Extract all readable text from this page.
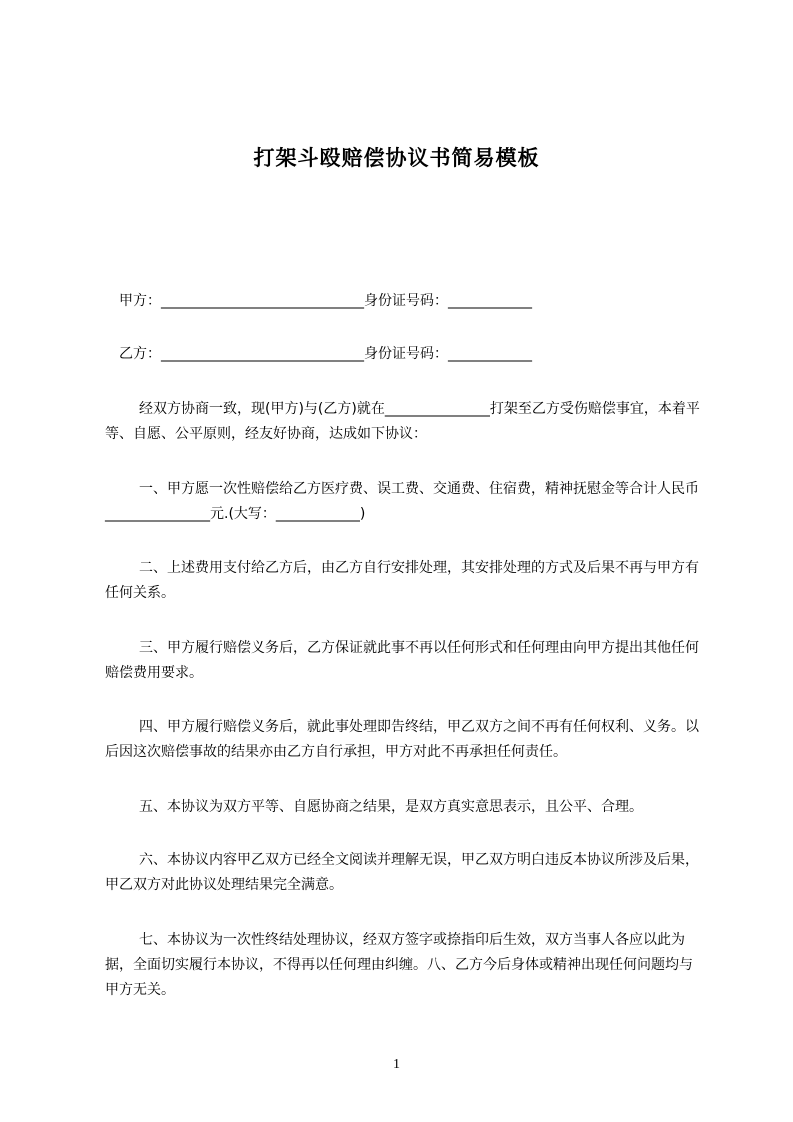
打架斗殴赔偿协议书简易模板
　甲方：_____________________________身份证号码：____________
　乙方：_____________________________身份证号码：____________
经双方协商一致，现(甲方)与(乙方)就在_______________打架至乙方受伤赔偿事宜，本着平等、自愿、公平原则，经友好协商，达成如下协议：
一、甲方愿一次性赔偿给乙方医疗费、误工费、交通费、住宿费，精神抚慰金等合计人民币_______________元.(大写：____________)
二、上述费用支付给乙方后，由乙方自行安排处理，其安排处理的方式及后果不再与甲方有任何关系。
三、甲方履行赔偿义务后，乙方保证就此事不再以任何形式和任何理由向甲方提出其他任何赔偿费用要求。
四、甲方履行赔偿义务后，就此事处理即告终结，甲乙双方之间不再有任何权利、义务。以后因这次赔偿事故的结果亦由乙方自行承担，甲方对此不再承担任何责任。
五、本协议为双方平等、自愿协商之结果，是双方真实意思表示，且公平、合理。
六、本协议内容甲乙双方已经全文阅读并理解无误，甲乙双方明白违反本协议所涉及后果，甲乙双方对此协议处理结果完全满意。
七、本协议为一次性终结处理协议，经双方签字或捺指印后生效，双方当事人各应以此为据，全面切实履行本协议，不得再以任何理由纠缠。八、乙方今后身体或精神出现任何问题均与甲方无关。
1
